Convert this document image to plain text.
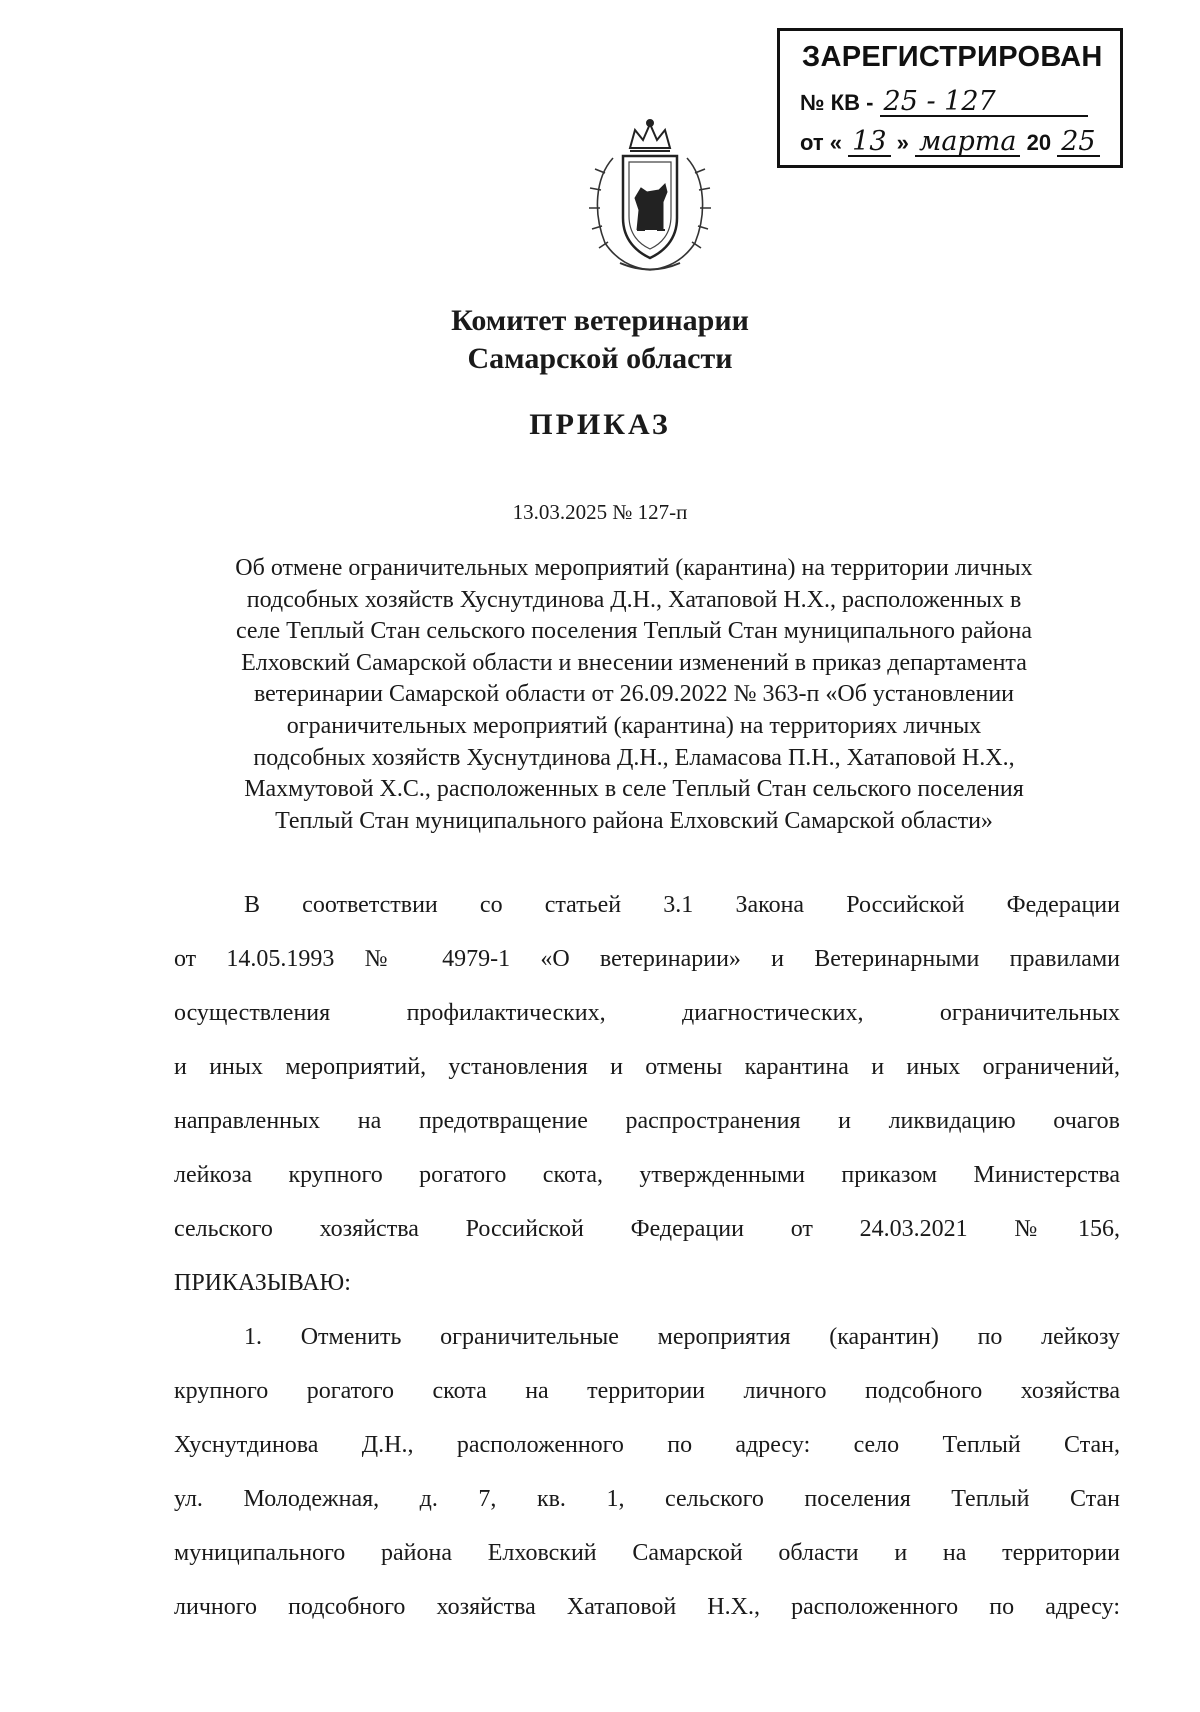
ЗАРЕГИСТРИРОВАН
№ КВ - 25 - 127
от « 13 » марта 20 25
Комитет ветеринарии
Самарской области
ПРИКАЗ
13.03.2025 № 127-п
Об отмене ограничительных мероприятий (карантина) на территории личных
подсобных хозяйств Хуснутдинова Д.Н., Хатаповой Н.Х., расположенных в
селе Теплый Стан сельского поселения Теплый Стан муниципального района
Елховский Самарской области и внесении изменений в приказ департамента
ветеринарии Самарской области от 26.09.2022 № 363-п «Об установлении
ограничительных мероприятий (карантина) на территориях личных
подсобных хозяйств Хуснутдинова Д.Н., Еламасова П.Н., Хатаповой Н.Х.,
Махмутовой Х.С., расположенных в селе Теплый Стан сельского поселения
Теплый Стан муниципального района Елховский Самарской области»
В соответствии со статьей 3.1 Закона Российской Федерации
от 14.05.1993 № 4979-1 «О ветеринарии» и Ветеринарными правилами
осуществления профилактических, диагностических, ограничительных
и иных мероприятий, установления и отмены карантина и иных ограничений,
направленных на предотвращение распространения и ликвидацию очагов
лейкоза крупного рогатого скота, утвержденными приказом Министерства
сельского хозяйства Российской Федерации от 24.03.2021 №156,
ПРИКАЗЫВАЮ:
1. Отменить ограничительные мероприятия (карантин) по лейкозу
крупного рогатого скота на территории личного подсобного хозяйства
Хуснутдинова Д.Н., расположенного по адресу: село Теплый Стан,
ул. Молодежная, д. 7, кв. 1, сельского поселения Теплый Стан
муниципального района Елховский Самарской области и на территории
личного подсобного хозяйства Хатаповой Н.Х., расположенного по адресу:
